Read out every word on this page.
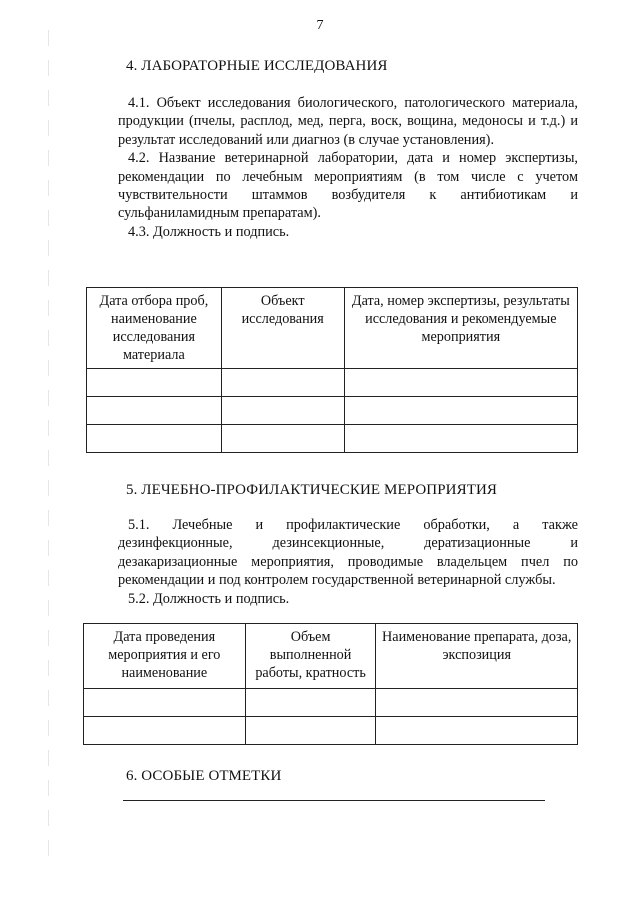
7
4. ЛАБОРАТОРНЫЕ ИССЛЕДОВАНИЯ

4.1. Объект исследования биологического, патологического материала, продукции (пчелы, расплод, мед, перга, воск, вощина, медоносы и т.д.) и результат исследований или диагноз (в случае установления).

4.2. Название ветеринарной лаборатории, дата и номер экспертизы, рекомендации по лечебным мероприятиям (в том числе с учетом чувствительности штаммов возбудителя к антибиотикам и сульфаниламидным препаратам).

4.3. Должность и подпись.

Дата отбора проб, наименование исследования материала	Объект исследования	Дата, номер экспертизы, результаты исследования и рекомендуемые мероприятия

5. ЛЕЧЕБНО-ПРОФИЛАКТИЧЕСКИЕ МЕРОПРИЯТИЯ

5.1. Лечебные и профилактические обработки, а также дезинфекционные, дезинсекционные, дератизационные и дезакаризационные мероприятия, проводимые владельцем пчел по рекомендации и под контролем государственной ветеринарной службы.

5.2. Должность и подпись.

Дата проведения мероприятия и его наименование	Объем выполненной работы, кратность	Наименование препарата, доза, экспозиция

6. ОСОБЫЕ ОТМЕТКИ
